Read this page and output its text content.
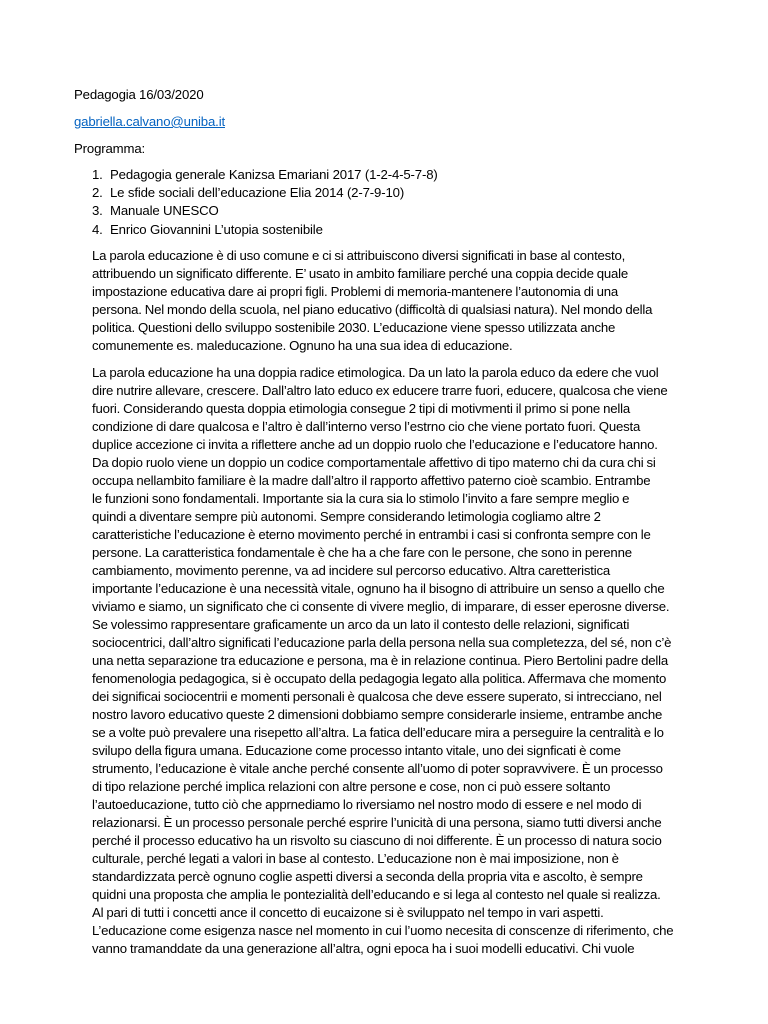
Pedagogia 16/03/2020

gabriella.calvano@uniba.it

Programma:

1. Pedagogia generale Kanizsa Emariani 2017 (1-2-4-5-7-8)
2. Le sfide sociali dell’educazione Elia 2014 (2-7-9-10)
3. Manuale UNESCO
4. Enrico Giovannini L’utopia sostenibile
La parola educazione è di uso comune e ci si attribuiscono diversi significati in base al contesto,
attribuendo un significato differente. E’ usato in ambito familiare perché una coppia decide quale
impostazione educativa dare ai propri figli. Problemi di memoria-mantenere l’autonomia di una
persona. Nel mondo della scuola, nel piano educativo (difficoltà di qualsiasi natura). Nel mondo della
politica. Questioni dello sviluppo sostenibile 2030. L’educazione viene spesso utilizzata anche
comunemente es. maleducazione. Ognuno ha una sua idea di educazione.
La parola educazione ha una doppia radice etimologica. Da un lato la parola educo da edere che vuol
dire nutrire allevare, crescere. Dall’altro lato educo ex educere trarre fuori, educere, qualcosa che viene
fuori. Considerando questa doppia etimologia consegue 2 tipi di motivmenti il primo si pone nella
condizione di dare qualcosa e l’altro è dall’interno verso l’estrno cio che viene portato fuori. Questa
duplice accezione ci invita a riflettere anche ad un doppio ruolo che l’educazione e l’educatore hanno.
Da dopio ruolo viene un doppio un codice comportamentale affettivo di tipo materno chi da cura chi si
occupa nellambito familiare è la madre dall’altro il rapporto affettivo paterno cioè scambio. Entrambe
le funzioni sono fondamentali. Importante sia la cura sia lo stimolo l’invito a fare sempre meglio e
quindi a diventare sempre più autonomi. Sempre considerando letimologia cogliamo altre 2
caratteristiche l’educazione è eterno movimento perché in entrambi i casi si confronta sempre con le
persone. La caratteristica fondamentale è che ha a che fare con le persone, che sono in perenne
cambiamento, movimento perenne, va ad incidere sul percorso educativo. Altra caretteristica
importante l’educazione è una necessità vitale, ognuno ha il bisogno di attribuire un senso a quello che
viviamo e siamo, un significato che ci consente di vivere meglio, di imparare, di esser eperosne diverse.
Se volessimo rappresentare graficamente un arco da un lato il contesto delle relazioni, significati
sociocentrici, dall’altro significati l’educazione parla della persona nella sua completezza, del sé, non c’è
una netta separazione tra educazione e persona, ma è in relazione continua. Piero Bertolini padre della
fenomenologia pedagogica, si è occupato della pedagogia legato alla politica. Affermava che momento
dei significai sociocentrii e momenti personali è qualcosa che deve essere superato, si intrecciano, nel
nostro lavoro educativo queste 2 dimensioni dobbiamo sempre considerarle insieme, entrambe anche
se a volte può prevalere una risepetto all’altra. La fatica dell’educare mira a perseguire la centralità e lo
svilupo della figura umana. Educazione come processo intanto vitale, uno dei signficati è come
strumento, l’educazione è vitale anche perché consente all’uomo di poter sopravvivere. È un processo
di tipo relazione perché implica relazioni con altre persone e cose, non ci può essere soltanto
l’autoeducazione, tutto ciò che apprnediamo lo riversiamo nel nostro modo di essere e nel modo di
relazionarsi. È un processo personale perché esprire l’unicità di una persona, siamo tutti diversi anche
perché il processo educativo ha un risvolto su ciascuno di noi differente. È un processo di natura socio
culturale, perché legati a valori in base al contesto. L’educazione non è mai imposizione, non è
standardizzata percè ognuno coglie aspetti diversi a seconda della propria vita e ascolto, è sempre
quidni una proposta che amplia le pontezialità dell’educando e si lega al contesto nel quale si realizza.
Al pari di tutti i concetti ance il concetto di eucaizone si è sviluppato nel tempo in vari aspetti.
L’educazione come esigenza nasce nel momento in cui l’uomo necesita di conscenze di riferimento, che
vanno tramanddate da una generazione all’altra, ogni epoca ha i suoi modelli educativi. Chi vuole
